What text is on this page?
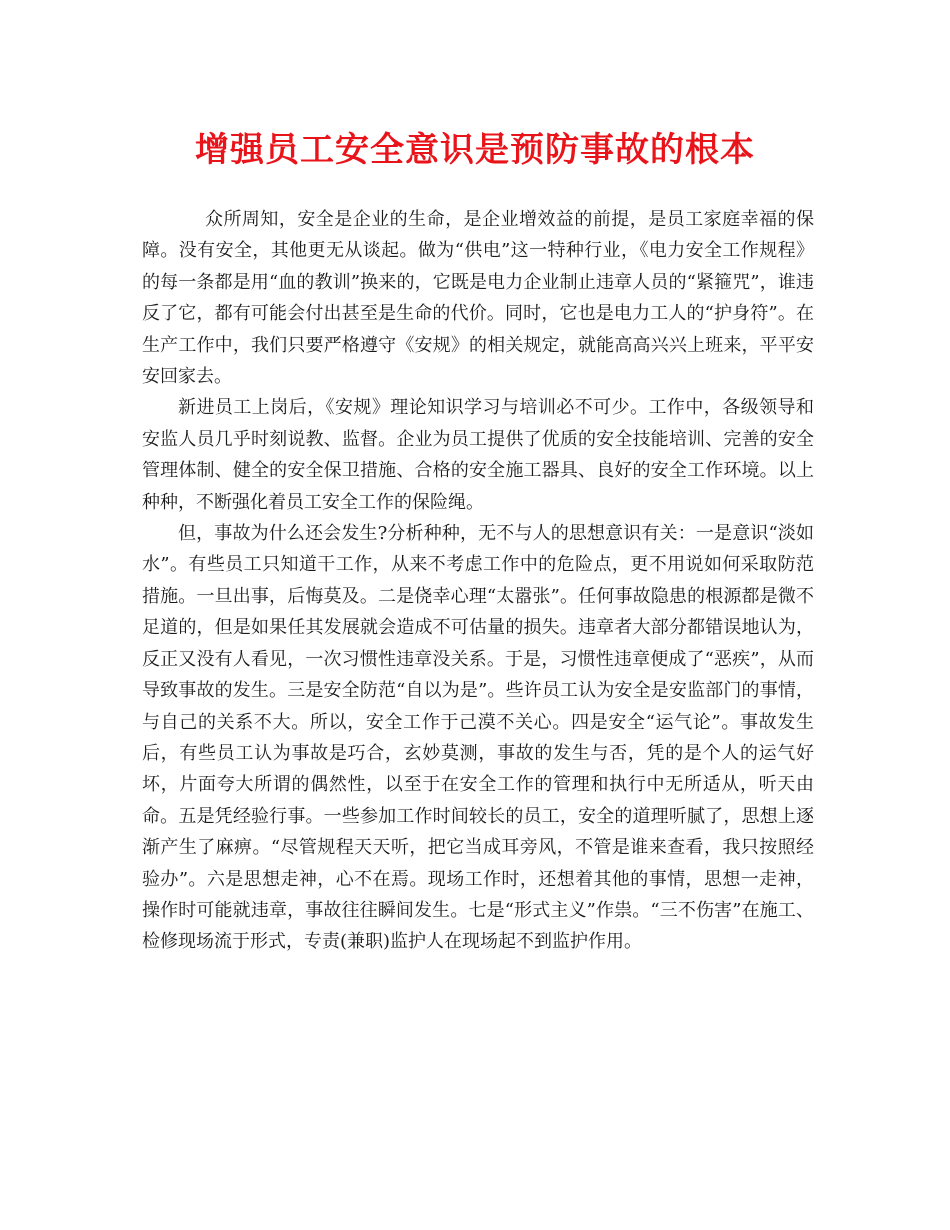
增强员工安全意识是预防事故的根本

众所周知，安全是企业的生命，是企业增效益的前提，是员工家庭幸福的保障。没有安全，其他更无从谈起。做为“供电”这一特种行业，《电力安全工作规程》的每一条都是用“血的教训”换来的，它既是电力企业制止违章人员的“紧箍咒”，谁违反了它，都有可能会付出甚至是生命的代价。同时，它也是电力工人的“护身符”。在生产工作中，我们只要严格遵守《安规》的相关规定，就能高高兴兴上班来，平平安安回家去。

新进员工上岗后，《安规》理论知识学习与培训必不可少。工作中，各级领导和安监人员几乎时刻说教、监督。企业为员工提供了优质的安全技能培训、完善的安全管理体制、健全的安全保卫措施、合格的安全施工器具、良好的安全工作环境。以上种种，不断强化着员工安全工作的保险绳。

但，事故为什么还会发生?分析种种，无不与人的思想意识有关：一是意识“淡如水”。有些员工只知道干工作，从来不考虑工作中的危险点，更不用说如何采取防范措施。一旦出事，后悔莫及。二是侥幸心理“太嚣张”。任何事故隐患的根源都是微不足道的，但是如果任其发展就会造成不可估量的损失。违章者大部分都错误地认为，反正又没有人看见，一次习惯性违章没关系。于是，习惯性违章便成了“恶疾”，从而导致事故的发生。三是安全防范“自以为是”。些许员工认为安全是安监部门的事情，与自己的关系不大。所以，安全工作于己漠不关心。四是安全“运气论”。事故发生后，有些员工认为事故是巧合，玄妙莫测，事故的发生与否，凭的是个人的运气好坏，片面夸大所谓的偶然性，以至于在安全工作的管理和执行中无所适从，听天由命。五是凭经验行事。一些参加工作时间较长的员工，安全的道理听腻了，思想上逐渐产生了麻痹。“尽管规程天天听，把它当成耳旁风，不管是谁来查看，我只按照经验办”。六是思想走神，心不在焉。现场工作时，还想着其他的事情，思想一走神，操作时可能就违章，事故往往瞬间发生。七是“形式主义”作祟。“三不伤害”在施工、检修现场流于形式，专责(兼职)监护人在现场起不到监护作用。
